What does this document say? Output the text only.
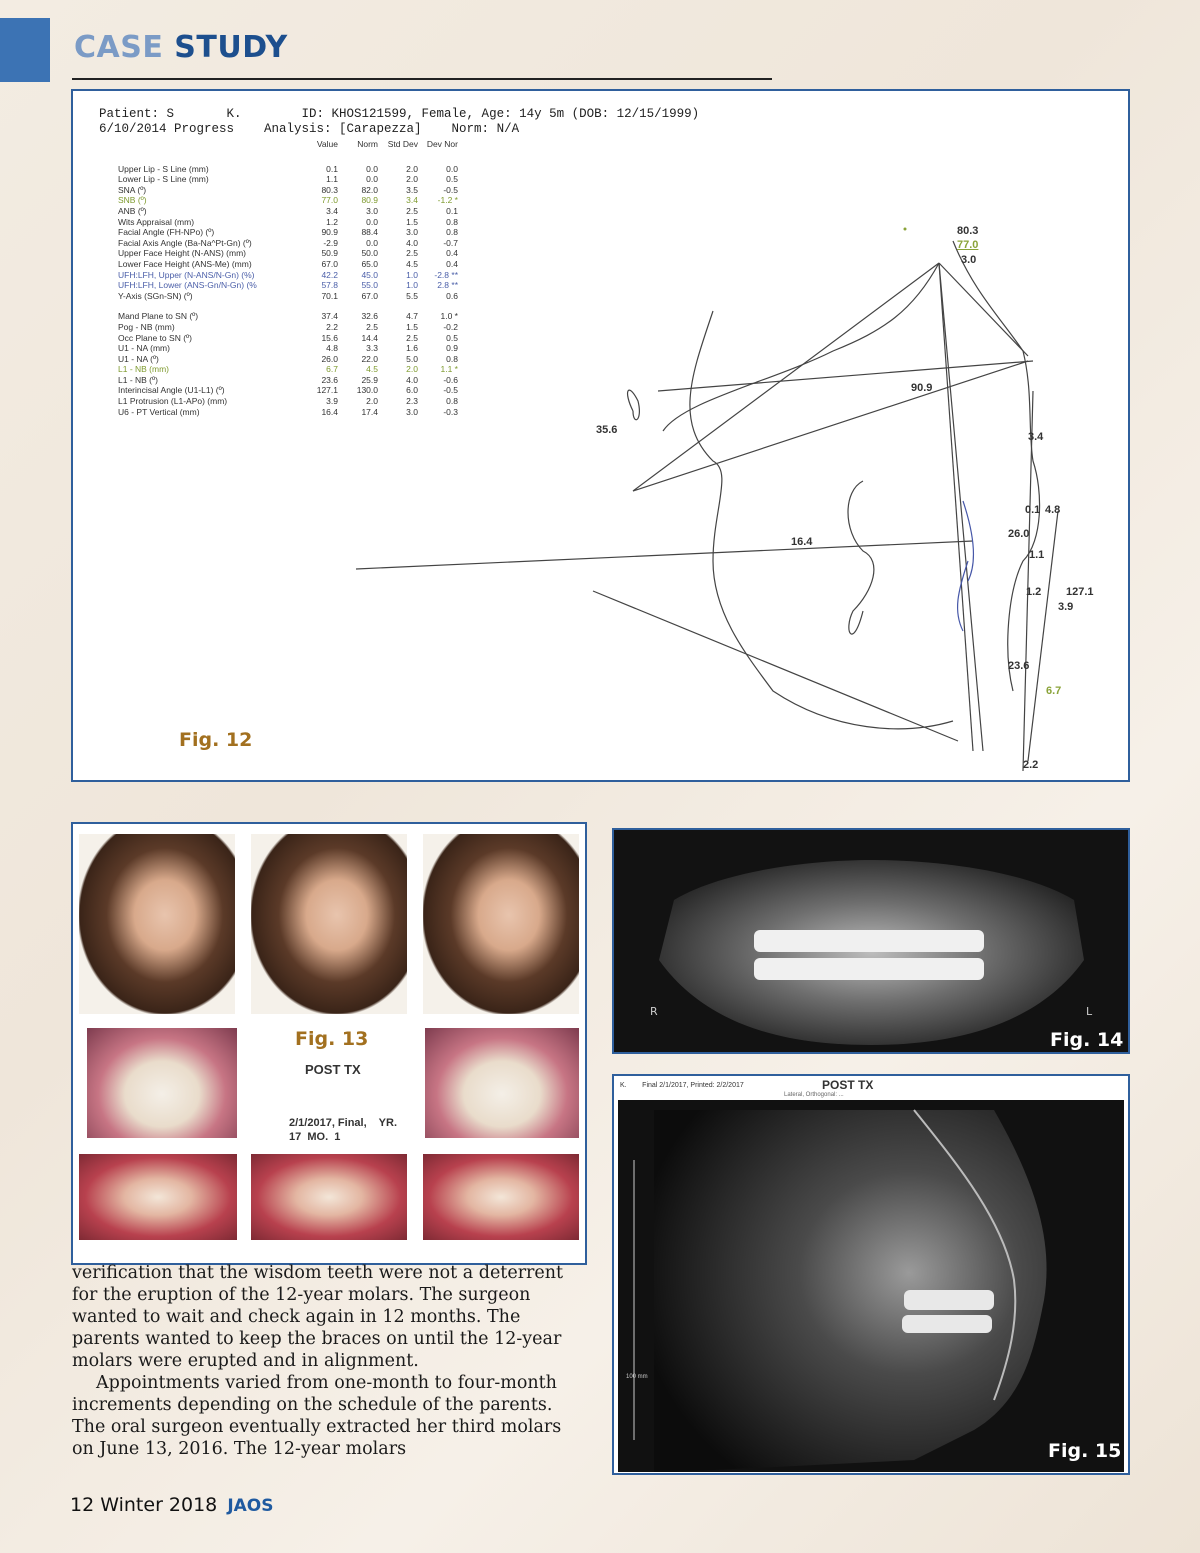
CASE STUDY
Patient: S       K.        ID: KHOS121599, Female, Age: 14y 5m (DOB: 12/15/1999)
6/10/2014 Progress    Analysis: [Carapezza]    Norm: N/A
	Value	Norm	Std Dev	Dev Nor
Upper Lip - S Line (mm)	0.1	0.0	2.0	0.0
Lower Lip - S Line (mm)	1.1	0.0	2.0	0.5
SNA (º)	80.3	82.0	3.5	-0.5
SNB (º)	77.0	80.9	3.4	-1.2 *
ANB (º)	3.4	3.0	2.5	0.1
Wits Appraisal (mm)	1.2	0.0	1.5	0.8
Facial Angle (FH-NPo) (º)	90.9	88.4	3.0	0.8
Facial Axis Angle (Ba-Na^Pt-Gn) (º)	-2.9	0.0	4.0	-0.7
Upper Face Height (N-ANS) (mm)	50.9	50.0	2.5	0.4
Lower Face Height (ANS-Me) (mm)	67.0	65.0	4.5	0.4
UFH:LFH, Upper (N-ANS/N-Gn) (%)	42.2	45.0	1.0	-2.8 **
UFH:LFH, Lower (ANS-Gn/N-Gn) (%	57.8	55.0	1.0	2.8 **
Y-Axis (SGn-SN) (º)	70.1	67.0	5.5	0.6

Mand Plane to SN (º)	37.4	32.6	4.7	1.0 *
Pog - NB (mm)	2.2	2.5	1.5	-0.2
Occ Plane to SN (º)	15.6	14.4	2.5	0.5
U1 - NA (mm)	4.8	3.3	1.6	0.9
U1 - NA (º)	26.0	22.0	5.0	0.8
L1 - NB (mm)	6.7	4.5	2.0	1.1 *
L1 - NB (º)	23.6	25.9	4.0	-0.6
Interincisal Angle (U1-L1) (º)	127.1	130.0	6.0	-0.5
L1 Protrusion (L1-APo) (mm)	3.9	2.0	2.3	0.8
U6 - PT Vertical (mm)	16.4	17.4	3.0	-0.3
80.3
77.0
3.0
90.9
35.6
16.4
3.4
0.1 4.8
26.0
1.1
1.2 127.1
3.9
23.6
6.7
2.2
Fig. 12
Fig. 13
POST TX
2/1/2017, Final,    YR.
17  MO.  1
R	L
Fig. 14
POST TX
K.        Final 2/1/2017, Printed: 2/2/2017
Lateral, Orthogonal: ...
100 mm
Fig. 15

verification that the wisdom teeth were not a deterrent for the eruption of the 12-year molars. The surgeon wanted to wait and check again in 12 months. The parents wanted to keep the braces on until the 12-year molars were erupted and in alignment.

Appointments varied from one-month to four-month increments depending on the schedule of the parents. The oral surgeon eventually extracted her third molars on June 13, 2016. The 12-year molars

12 Winter 2018 JAOS
